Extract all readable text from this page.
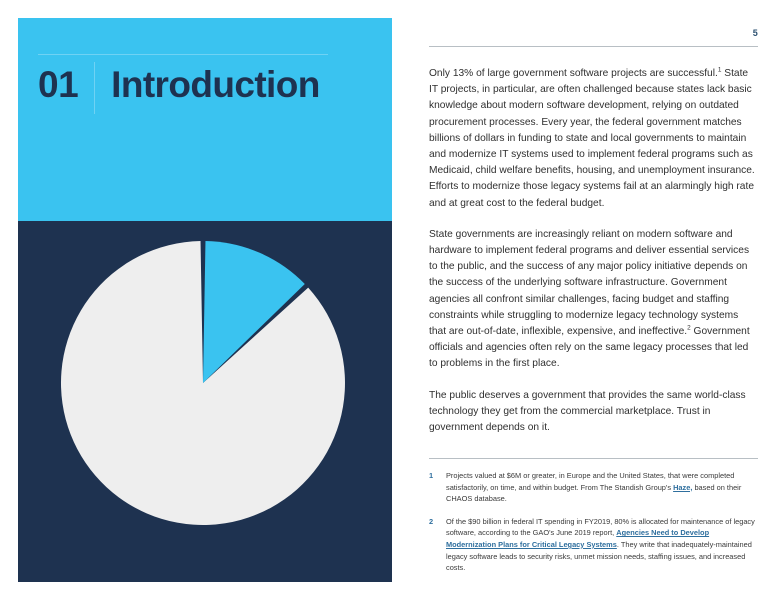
01 Introduction
5

Only 13% of large government software projects are successful.$^1$ State IT projects, in particular, are often challenged because states lack basic knowledge about modern software development, relying on outdated procurement processes. Every year, the federal government matches billions of dollars in funding to state and local governments to maintain and modernize IT systems used to implement federal programs such as Medicaid, child welfare benefits, housing, and unemployment insurance. Efforts to modernize those legacy systems fail at an alarmingly high rate and at great cost to the federal budget.

State governments are increasingly reliant on modern software and hardware to implement federal programs and deliver essential services to the public, and the success of any major policy initiative depends on the success of the underlying software infrastructure. Government agencies all confront similar challenges, facing budget and staffing constraints while struggling to modernize legacy technology systems that are out-of-date, inflexible, expensive, and ineffective.$^2$ Government officials and agencies often rely on the same legacy processes that led to problems in the first place.

The public deserves a government that provides the same world-class technology they get from the commercial marketplace. Trust in government depends on it.

1	Projects valued at $6M or greater, in Europe and the United States, that were completed satisfactorily, on time, and within budget. From The Standish Group's Haze, based on their CHAOS database.
2	Of the $90 billion in federal IT spending in FY2019, 80% is allocated for maintenance of legacy software, according to the GAO's June 2019 report, Agencies Need to Develop Modernization Plans for Critical Legacy Systems. They write that inadequately-maintained legacy software leads to security risks, unmet mission needs, staffing issues, and increased costs.
